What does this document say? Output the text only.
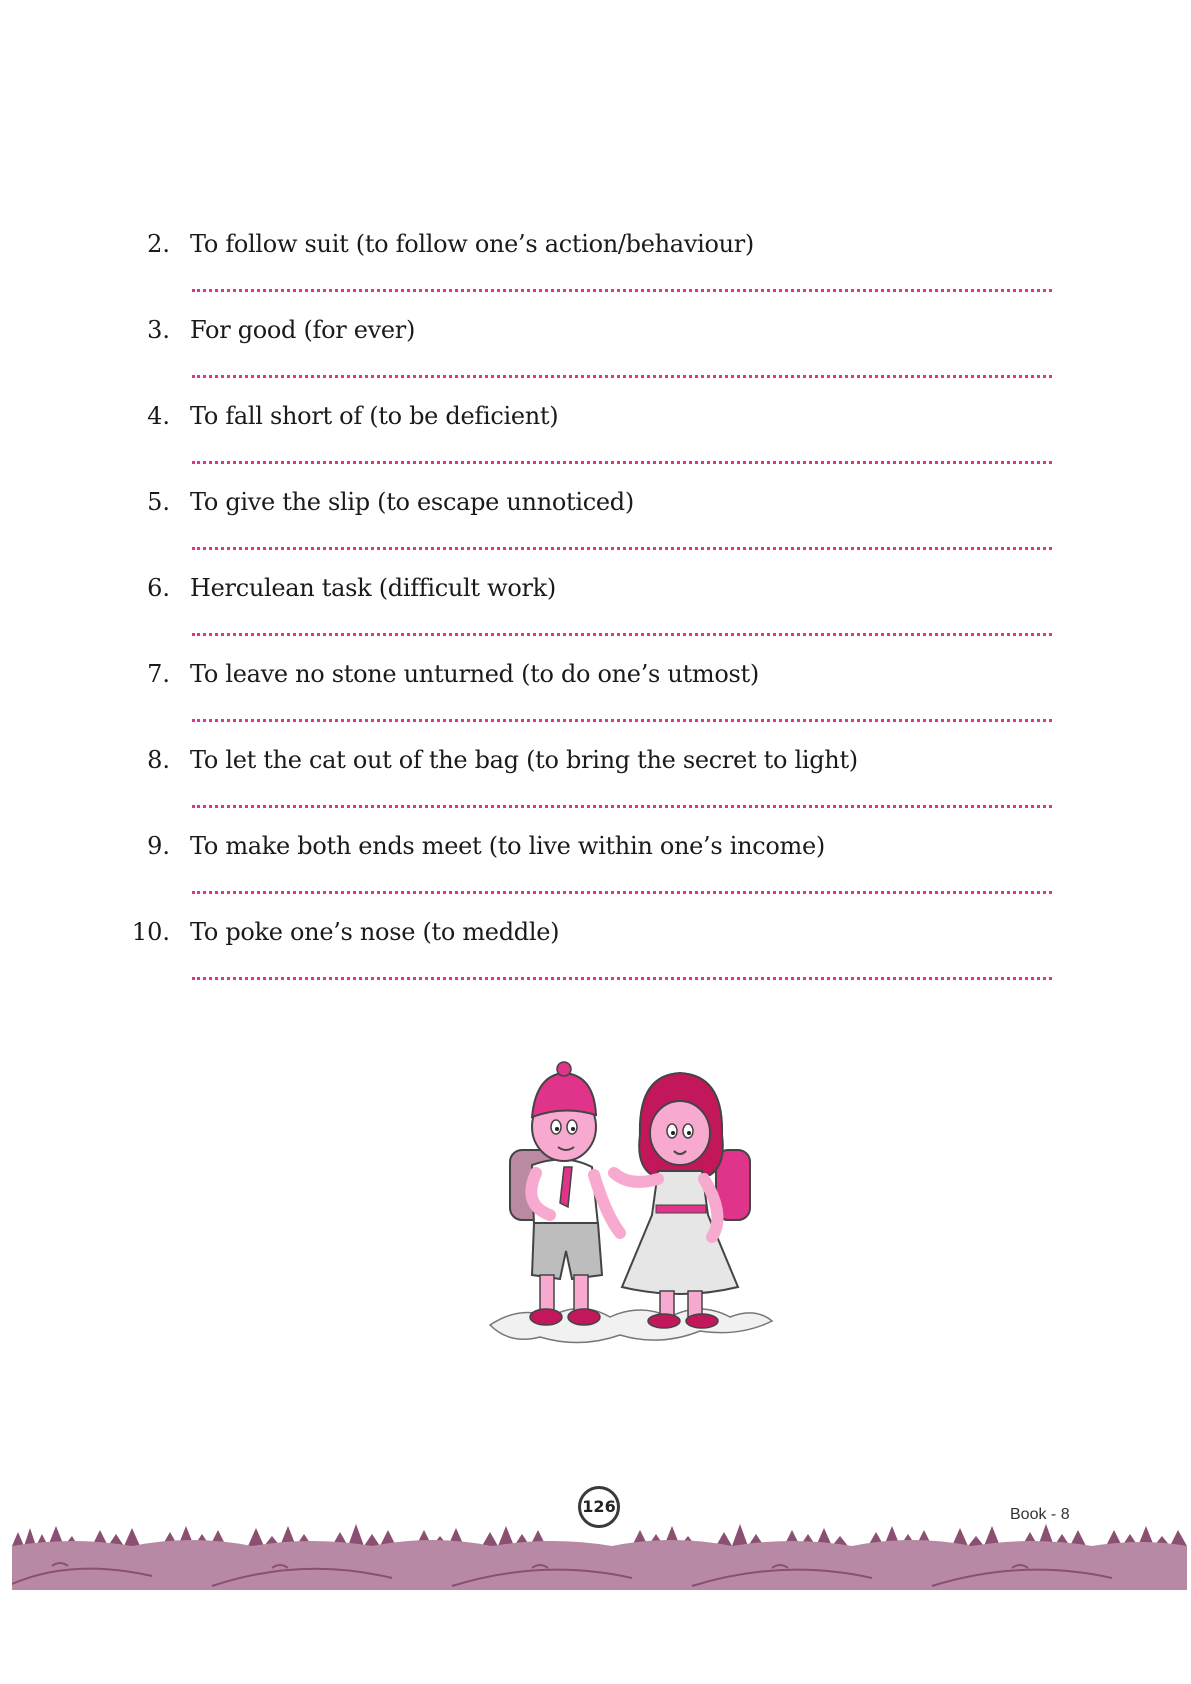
2. To follow suit (to follow one’s action/behaviour)
3. For good (for ever)
4. To fall short of (to be deficient)
5. To give the slip (to escape unnoticed)
6. Herculean task (difficult work)
7. To leave no stone unturned (to do one’s utmost)
8. To let the cat out of the bag (to bring the secret to light)
9. To make both ends meet (to live within one’s income)
10. To poke one’s nose (to meddle)
126	Book - 8
